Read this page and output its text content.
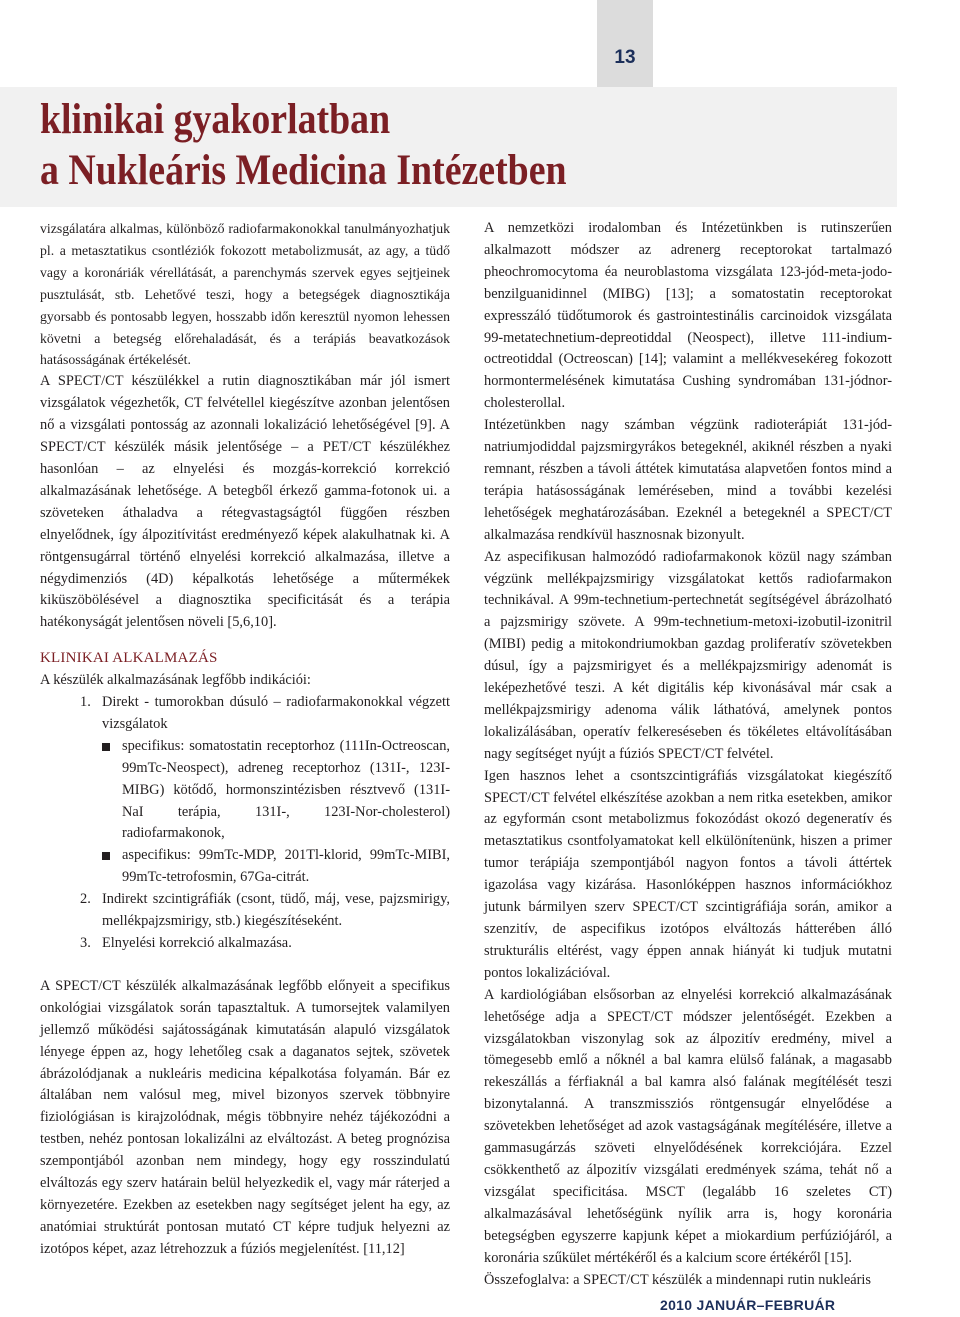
13
klinikai gyakorlatban
a Nukleáris Medicina Intézetben

vizsgálatára alkalmas, különböző radiofarmakonokkal tanulmányozhatjuk pl. a metasztatikus csontléziók fokozott metabolizmusát, az agy, a tüdő vagy a koronáriák vérellátását, a parenchymás szervek egyes sejtjeinek pusztulását, stb. Lehetővé teszi, hogy a betegségek diagnosztikája gyorsabb és pontosabb legyen, hosszabb időn keresztül nyomon lehessen követni a betegség előrehaladását, és a terápiás beavatkozások hatásosságának értékelését.

A SPECT/CT készülékkel a rutin diagnosztikában már jól ismert vizsgálatok végezhetők, CT felvétellel kiegészítve azonban jelentősen nő a vizsgálati pontosság az azonnali lokalizáció lehetőségével [9]. A SPECT/CT készülék másik jelentősége – a PET/CT készülékhez hasonlóan – az elnyelési és mozgás-korrekció korrekció alkalmazásának lehetősége. A betegből érkező gamma-fotonok ui. a szöveteken áthaladva a rétegvastagságtól függően részben elnyelődnek, így álpozitívitást eredményező képek alakulhatnak ki. A röntgensugárral történő elnyelési korrekció alkalmazása, illetve a négydimenziós (4D) képalkotás lehetősége a műtermékek kiküszöbölésével a diagnosztika specificitását és a terápia hatékonyságát jelentősen növeli [5,6,10].

KLINIKAI ALKALMAZÁS

A készülék alkalmazásának legfőbb indikációi:

1. Direkt - tumorokban dúsuló – radiofarmakonokkal végzett vizsgálatok
specifikus: somatostatin receptorhoz (111In-Octreoscan, 99mTc-Neospect), adreneg receptorhoz (131I-, 123I-MIBG) kötődő, hormonszintézisben résztvevő (131I-NaI terápia, 131I-, 123I-Nor-cholesterol) radiofarmakonok,
aspecifikus: 99mTc-MDP, 201Tl-klorid, 99mTc-MIBI, 99mTc-tetrofosmin, 67Ga-citrát.
2. Indirekt szcintigráfiák (csont, tüdő, máj, vese, pajzsmirigy, mellékpajzsmirigy, stb.) kiegészítéseként.
3. Elnyelési korrekció alkalmazása.

A SPECT/CT készülék alkalmazásának legfőbb előnyeit a specifikus onkológiai vizsgálatok során tapasztaltuk. A tumorsejtek valamilyen jellemző működési sajátosságának kimutatásán alapuló vizsgálatok lényege éppen az, hogy lehetőleg csak a daganatos sejtek, szövetek ábrázolódjanak a nukleáris medicina képalkotása folyamán. Bár ez általában nem valósul meg, mivel bizonyos szervek többnyire fiziológiásan is kirajzolódnak, mégis többnyire nehéz tájékozódni a testben, nehéz pontosan lokalizálni az elváltozást. A beteg prognózisa szempontjából azonban nem mindegy, hogy egy rosszindulatú elváltozás egy szerv határain belül helyezkedik el, vagy már ráterjed a környezetére. Ezekben az esetekben nagy segítséget jelent ha egy, az anatómiai struktúrát pontosan mutató CT képre tudjuk helyezni az izotópos képet, azaz létrehozzuk a fúziós megjelenítést. [11,12]

A nemzetközi irodalomban és Intézetünkben is rutinszerűen alkalmazott módszer az adrenerg receptorokat tartalmazó pheochromocytoma éa neuroblastoma vizsgálata 123-jód-meta-jodo-benzilguanidinnel (MIBG) [13]; a somatostatin receptorokat expresszáló tüdőtumorok és gastrointestinális carcinoidok vizsgálata 99-metatechnetium-depreotiddal (Neospect), illetve 111-indium-octreotiddal (Octreoscan) [14]; valamint a mellékvesekéreg fokozott hormontermelésének kimutatása Cushing syndromában 131-jódnor-cholesterollal.

Intézetünkben nagy számban végzünk radioterápiát 131-jód-natriumjodiddal pajzsmirgyrákos betegeknél, akiknél részben a nyaki remnant, részben a távoli áttétek kimutatása alapvetően fontos mind a terápia hatásosságának leméréseben, mind a további kezelési lehetőségek meghatározásában. Ezeknél a betegeknél a SPECT/CT alkalmazása rendkívül hasznosnak bizonyult.

Az aspecifikusan halmozódó radiofarmakonok közül nagy számban végzünk mellékpajzsmirigy vizsgálatokat kettős radiofarmakon technikával. A 99m-technetium-pertechnetát segítségével ábrázolható a pajzsmirigy szövete. A 99m-technetium-metoxi-izobutil-izonitril (MIBI) pedig a mitokondriumokban gazdag proliferatív szövetekben dúsul, így a pajzsmirigyet és a mellékpajzsmirigy adenomát is leképezhetővé teszi. A két digitális kép kivonásával már csak a mellékpajzsmirigy adenoma válik láthatóvá, amelynek pontos lokalizálásában, operatív felkereséseben és tökéletes eltávolításában nagy segítséget nyújt a fúziós SPECT/CT felvétel.

Igen hasznos lehet a csontszcintigráfiás vizsgálatokat kiegészítő SPECT/CT felvétel elkészítése azokban a nem ritka esetekben, amikor az egyformán csont metabolizmus fokozódást okozó degeneratív és metasztatikus csontfolyamatokat kell elkülönítenünk, hiszen a primer tumor terápiája szempontjából nagyon fontos a távoli áttértek igazolása vagy kizárása. Hasonlóképpen hasznos információkhoz jutunk bármilyen szerv SPECT/CT szcintigráfiája során, amikor a szenzitív, de aspecifikus izotópos elváltozás hátterében álló strukturális eltérést, vagy éppen annak hiányát ki tudjuk mutatni pontos lokalizációval.

A kardiológiában elsősorban az elnyelési korrekció alkalmazásának lehetősége adja a SPECT/CT módszer jelentőségét. Ezekben a vizsgálatokban viszonylag sok az álpozitív eredmény, mivel a tömegesebb emlő a nőknél a bal kamra elülső falának, a magasabb rekeszállás a férfiaknál a bal kamra alsó falának megítélését teszi bizonytalanná. A transzmissziós röntgensugár elnyelődése a szövetekben lehetőséget ad azok vastagságának megítélésére, illetve a gammasugárzás szöveti elnyelődésének korrekciójára. Ezzel csökkenthető az álpozitív vizsgálati eredmények száma, tehát nő a vizsgálat specificitása. MSCT (legalább 16 szeletes CT) alkalmazásával lehetőségünk nyílik arra is, hogy koronária betegségben egyszerre kapjunk képet a miokardium perfúziójáról, a koronária szűkület mértékéről és a kalcium score értékéről [15].

Összefoglalva: a SPECT/CT készülék a mindennapi rutin nukleáris

2010 JANUÁR–FEBRUÁR
